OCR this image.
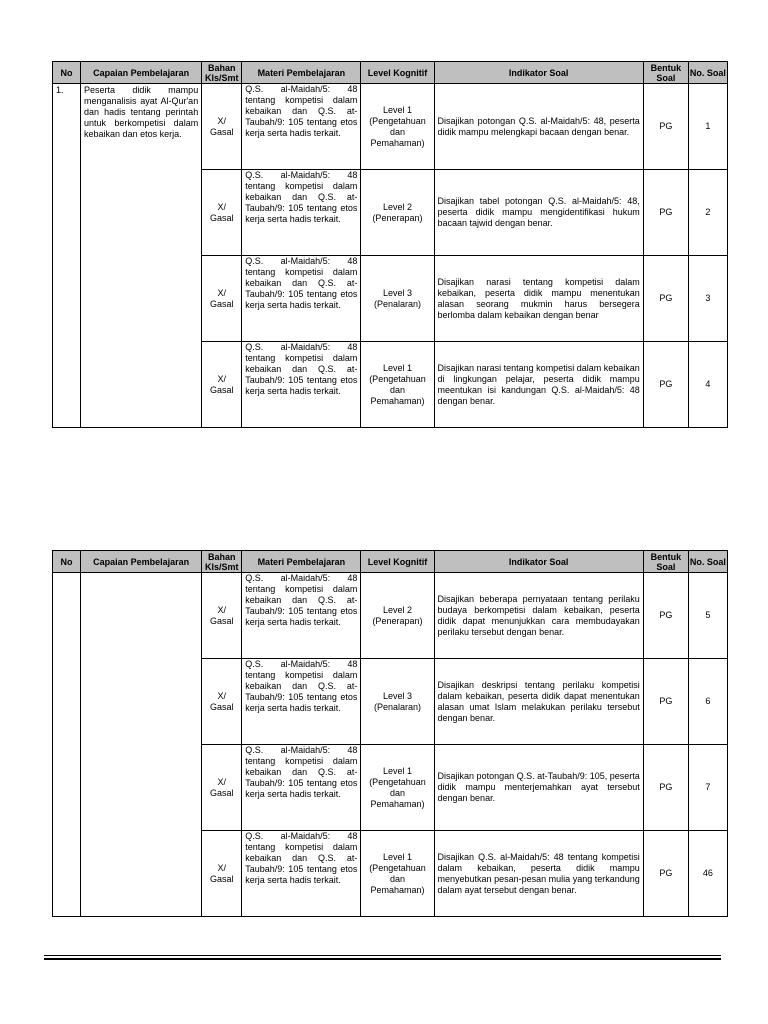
No	Capaian Pembelajaran	Bahan Kls/Smt	Materi Pembelajaran	Level Kognitif	Indikator Soal	Bentuk Soal	No. Soal
1.	Peserta didik mampu menganalisis ayat Al-Qur'an dan hadis tentang perintah untuk berkompetisi dalam kebaikan dan etos kerja.	X/ Gasal	Q.S. al-Maidah/5: 48 tentang kompetisi dalam kebaikan dan Q.S. at-Taubah/9: 105 tentang etos kerja serta hadis terkait.	Level 1 (Pengetahuan dan Pemahaman)	Disajikan potongan Q.S. al-Maidah/5: 48, peserta didik mampu melengkapi bacaan dengan benar.	PG	1
		X/ Gasal	Q.S. al-Maidah/5: 48 tentang kompetisi dalam kebaikan dan Q.S. at-Taubah/9: 105 tentang etos kerja serta hadis terkait.	Level 2 (Penerapan)	Disajikan tabel potongan Q.S. al-Maidah/5: 48, peserta didik mampu mengidentifikasi hukum bacaan tajwid dengan benar.	PG	2
		X/ Gasal	Q.S. al-Maidah/5: 48 tentang kompetisi dalam kebaikan dan Q.S. at-Taubah/9: 105 tentang etos kerja serta hadis terkait.	Level 3 (Penalaran)	Disajikan narasi tentang kompetisi dalam kebaikan, peserta didik mampu menentukan alasan seorang mukmin harus bersegera berlomba dalam kebaikan dengan benar	PG	3
		X/ Gasal	Q.S. al-Maidah/5: 48 tentang kompetisi dalam kebaikan dan Q.S. at-Taubah/9: 105 tentang etos kerja serta hadis terkait.	Level 1 (Pengetahuan dan Pemahaman)	Disajikan narasi tentang kompetisi dalam kebaikan di lingkungan pelajar, peserta didik mampu meentukan isi kandungan Q.S. al-Maidah/5: 48 dengan benar.	PG	4
No	Capaian Pembelajaran	Bahan Kls/Smt	Materi Pembelajaran	Level Kognitif	Indikator Soal	Bentuk Soal	No. Soal
		X/ Gasal	Q.S. al-Maidah/5: 48 tentang kompetisi dalam kebaikan dan Q.S. at-Taubah/9: 105 tentang etos kerja serta hadis terkait.	Level 2 (Penerapan)	Disajikan beberapa pernyataan tentang perilaku budaya berkompetisi dalam kebaikan, peserta didik dapat menunjukkan cara membudayakan perilaku tersebut dengan benar.	PG	5
		X/ Gasal	Q.S. al-Maidah/5: 48 tentang kompetisi dalam kebaikan dan Q.S. at-Taubah/9: 105 tentang etos kerja serta hadis terkait.	Level 3 (Penalaran)	Disajikan deskripsi tentang perilaku kompetisi dalam kebaikan, peserta didik dapat menentukan alasan umat Islam melakukan perilaku tersebut dengan benar.	PG	6
		X/ Gasal	Q.S. al-Maidah/5: 48 tentang kompetisi dalam kebaikan dan Q.S. at-Taubah/9: 105 tentang etos kerja serta hadis terkait.	Level 1 (Pengetahuan dan Pemahaman)	Disajikan potongan Q.S. at-Taubah/9: 105, peserta didik mampu menterjemahkan ayat tersebut dengan benar.	PG	7
		X/ Gasal	Q.S. al-Maidah/5: 48 tentang kompetisi dalam kebaikan dan Q.S. at-Taubah/9: 105 tentang etos kerja serta hadis terkait.	Level 1 (Pengetahuan dan Pemahaman)	Disajikan Q.S. al-Maidah/5: 48 tentang kompetisi dalam kebaikan, peserta didik mampu menyebutkan pesan-pesan mulia yang terkandung dalam ayat tersebut dengan benar.	PG	46
